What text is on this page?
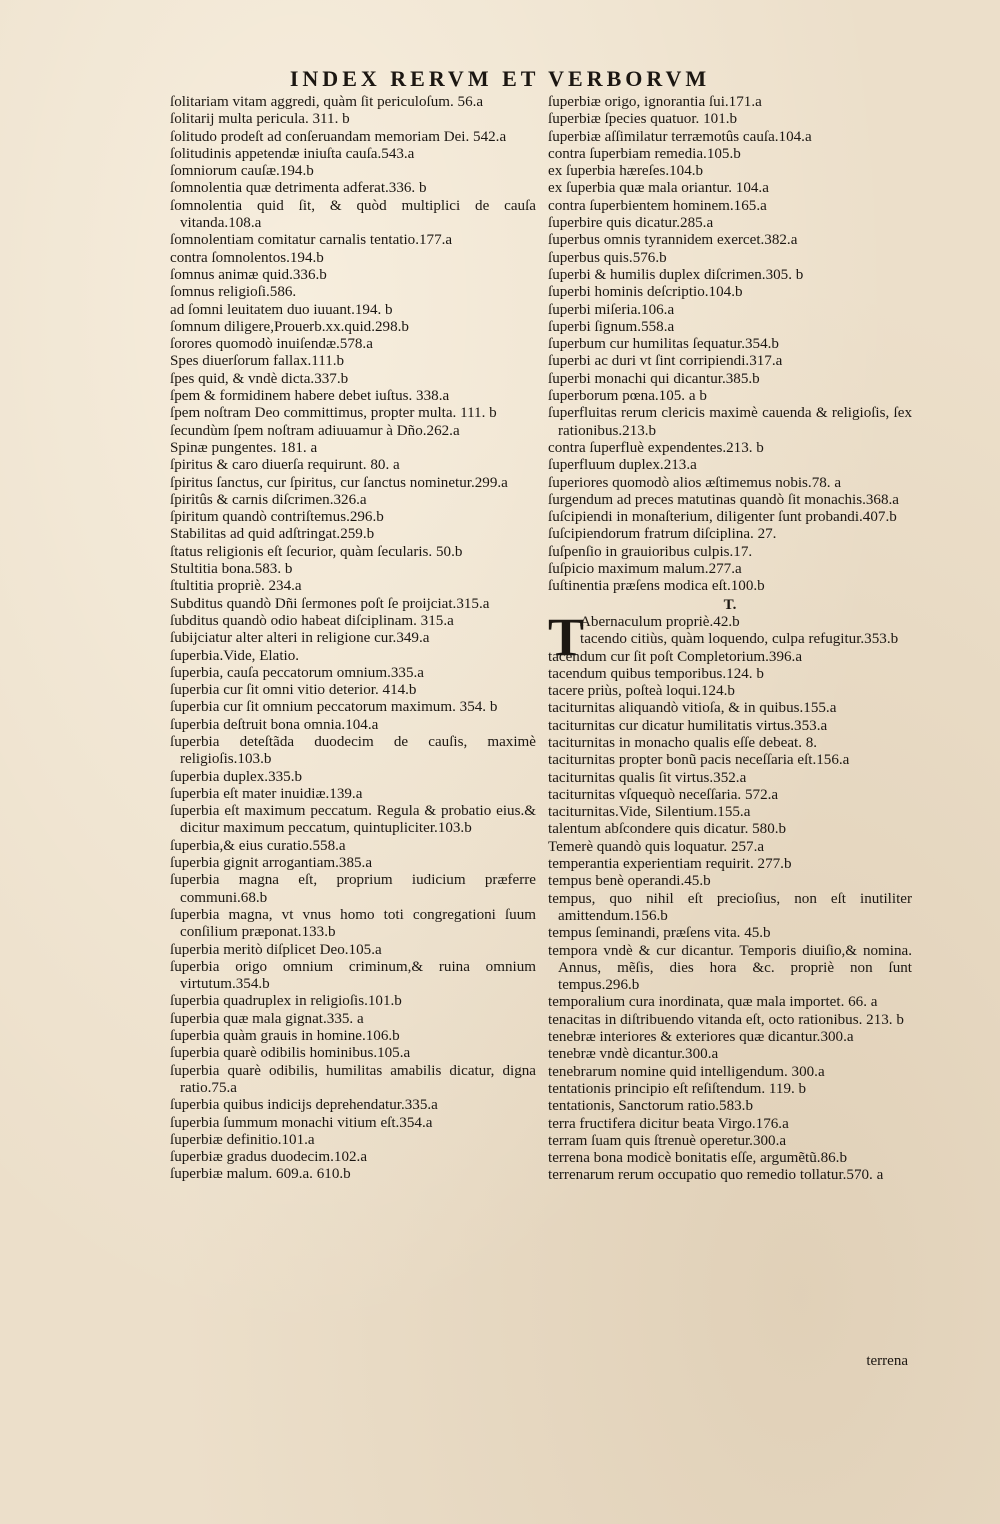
INDEX RERVM ET VERBORVM
ſolitariam vitam aggredi, quàm ſit periculoſum. 56.a
ſolitarij multa pericula. 311. b
ſolitudo prodeſt ad conſeruandam memoriam Dei. 542.a
ſolitudinis appetendæ iniuſta cauſa.543.a
ſomniorum cauſæ.194.b
ſomnolentia quæ detrimenta adferat.336. b
ſomnolentia quid ſit, & quòd multiplici de cauſa vitanda.108.a
ſomnolentiam comitatur carnalis tentatio.177.a
contra ſomnolentos.194.b
ſomnus animæ quid.336.b
ſomnus religioſi.586.
ad ſomni leuitatem duo iuuant.194. b
ſomnum diligere,Prouerb.xx.quid.298.b
ſorores quomodò inuiſendæ.578.a
Spes diuerſorum fallax.111.b
ſpes quid, & vndè dicta.337.b
ſpem & formidinem habere debet iuſtus. 338.a
ſpem noſtram Deo committimus, propter multa. 111. b
ſecundùm ſpem noſtram adiuuamur à Dño.262.a
Spinæ pungentes. 181. a
ſpiritus & caro diuerſa requirunt. 80. a
ſpiritus ſanctus, cur ſpiritus, cur ſanctus nominetur.299.a
ſpiritûs & carnis diſcrimen.326.a
ſpiritum quandò contriſtemus.296.b
Stabilitas ad quid adſtringat.259.b
ſtatus religionis eſt ſecurior, quàm ſecularis. 50.b
Stultitia bona.583. b
ſtultitia propriè. 234.a
Subditus quandò Dñi ſermones poſt ſe proijciat.315.a
ſubditus quandò odio habeat diſciplinam. 315.a
ſubijciatur alter alteri in religione cur.349.a
ſuperbia.Vide, Elatio.
ſuperbia, cauſa peccatorum omnium.335.a
ſuperbia cur ſit omni vitio deterior. 414.b
ſuperbia cur ſit omnium peccatorum maximum. 354. b
ſuperbia deſtruit bona omnia.104.a
ſuperbia deteſtãda duodecim de cauſis, maximè religioſis.103.b
ſuperbia duplex.335.b
ſuperbia eſt mater inuidiæ.139.a
ſuperbia eſt maximum peccatum. Regula & probatio eius.& dicitur maximum peccatum, quintupliciter.103.b
ſuperbia,& eius curatio.558.a
ſuperbia gignit arrogantiam.385.a
ſuperbia magna eſt, proprium iudicium præferre communi.68.b
ſuperbia magna, vt vnus homo toti congregationi ſuum conſilium præponat.133.b
ſuperbia meritò diſplicet Deo.105.a
ſuperbia origo omnium criminum,& ruina omnium virtutum.354.b
ſuperbia quadruplex in religioſis.101.b
ſuperbia quæ mala gignat.335. a
ſuperbia quàm grauis in homine.106.b
ſuperbia quarè odibilis hominibus.105.a
ſuperbia quarè odibilis, humilitas amabilis dicatur, digna ratio.75.a
ſuperbia quibus indicijs deprehendatur.335.a
ſuperbia ſummum monachi vitium eſt.354.a
ſuperbiæ definitio.101.a
ſuperbiæ gradus duodecim.102.a
ſuperbiæ malum. 609.a. 610.b
ſuperbiæ origo, ignorantia ſui.171.a
ſuperbiæ ſpecies quatuor. 101.b
ſuperbiæ aſſimilatur terræmotûs cauſa.104.a
contra ſuperbiam remedia.105.b
ex ſuperbia hæreſes.104.b
ex ſuperbia quæ mala oriantur. 104.a
contra ſuperbientem hominem.165.a
ſuperbire quis dicatur.285.a
ſuperbus omnis tyrannidem exercet.382.a
ſuperbus quis.576.b
ſuperbi & humilis duplex diſcrimen.305. b
ſuperbi hominis deſcriptio.104.b
ſuperbi miſeria.106.a
ſuperbi ſignum.558.a
ſuperbum cur humilitas ſequatur.354.b
ſuperbi ac duri vt ſint corripiendi.317.a
ſuperbi monachi qui dicantur.385.b
ſuperborum pœna.105. a b
ſuperfluitas rerum clericis maximè cauenda & religioſis, ſex rationibus.213.b
contra ſuperfluè expendentes.213. b
ſuperfluum duplex.213.a
ſuperiores quomodò alios æſtimemus nobis.78. a
ſurgendum ad preces matutinas quandò ſit monachis.368.a
ſuſcipiendi in monaſterium, diligenter ſunt probandi.407.b
ſuſcipiendorum fratrum diſciplina. 27.
ſuſpenſio in grauioribus culpis.17.
ſuſpicio maximum malum.277.a
ſuſtinentia præſens modica eſt.100.b
T.
T
Abernaculum propriè.42.b
tacendo citiùs, quàm loquendo, culpa refugitur.353.b
tacendum cur ſit poſt Completorium.396.a
tacendum quibus temporibus.124. b
tacere priùs, poſteà loqui.124.b
taciturnitas aliquandò vitioſa, & in quibus.155.a
taciturnitas cur dicatur humilitatis virtus.353.a
taciturnitas in monacho qualis eſſe debeat. 8.
taciturnitas propter bonũ pacis neceſſaria eſt.156.a
taciturnitas qualis ſit virtus.352.a
taciturnitas vſquequò neceſſaria. 572.a
taciturnitas.Vide, Silentium.155.a
talentum abſcondere quis dicatur. 580.b
Temerè quandò quis loquatur. 257.a
temperantia experientiam requirit. 277.b
tempus benè operandi.45.b
tempus, quo nihil eſt precioſius, non eſt inutiliter amittendum.156.b
tempus ſeminandi, præſens vita. 45.b
tempora vndè & cur dicantur. Temporis diuiſio,& nomina. Annus, mẽſis, dies hora &c. propriè non ſunt tempus.296.b
temporalium cura inordinata, quæ mala importet. 66. a
tenacitas in diſtribuendo vitanda eſt, octo rationibus. 213. b
tenebræ interiores & exteriores quæ dicantur.300.a
tenebræ vndè dicantur.300.a
tenebrarum nomine quid intelligendum. 300.a
tentationis principio eſt reſiſtendum. 119. b
tentationis, Sanctorum ratio.583.b
terra fructifera dicitur beata Virgo.176.a
terram ſuam quis ſtrenuè operetur.300.a
terrena bona modicè bonitatis eſſe, argumẽtũ.86.b
terrenarum rerum occupatio quo remedio tollatur.570. a
terrena
